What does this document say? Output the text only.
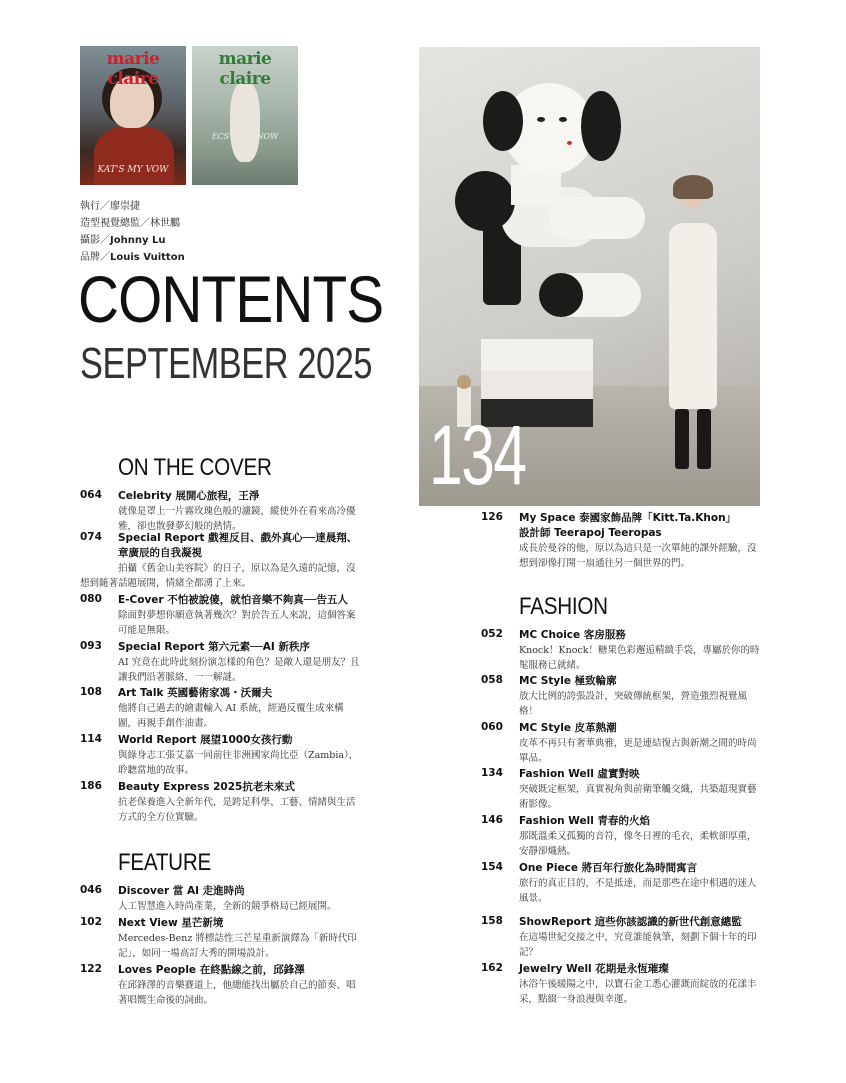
marie claire
KAT'S MY VOW
marie claire
ECSTATIC NOW
執行／廖崇捷
造型視覺總監／林世鵬
攝影／Johnny Lu
品牌／Louis Vuitton
CONTENTS
SEPTEMBER 2025
ON THE COVER
064 Celebrity 展開心旅程，王淨
就像是罩上一片霧玫瑰色般的濾鏡，縱使外在看來高冷優雅，卻也散發夢幻般的熱情。
074 Special Report 戲裡反目、戲外真心──達晨翔、章廣辰的自我凝視
拍攝《舊金山美容院》的日子，原以為是久遠的記憶，沒想到隨著話題展開，情緒全都湧了上來。
080 E-Cover 不怕被說傻，就怕音樂不夠真──告五人
除面對夢想你願意執著幾次？對於告五人來說，這個答案可能是無限。
093 Special Report 第六元素──AI 新秩序
AI 究竟在此時此刻扮演怎樣的角色？是敵人還是朋友？且讓我們沿著脈絡，一一解謎。
108 Art Talk 英國藝術家馮・沃爾夫
他將自己過去的繪畫輸入 AI 系統，經過反覆生成來構圖，再親手創作油畫。
114 World Report 展望1000女孩行動
與綠身志工張艾嘉一同前往非洲國家尚比亞（Zambia），聆聽當地的故事。
186 Beauty Express 2025抗老未來式
抗老保養進入全新年代，是跨足科學、工藝、情緒與生活方式的全方位實驗。
FEATURE
046 Discover 當 AI 走進時尚
人工智慧進入時尚產業，全新的競爭格局已經展開。
102 Next View 星芒新境
Mercedes-Benz 將標誌性三芒星重新演繹為「新時代印記」，如同一場高訂大秀的開場設計。
122 Loves People 在終點線之前，邱鋒澤
在邱鋒澤的音樂賽道上，他總能找出屬於自己的節奏、唱著唱嚮生命後的詞曲。
134
126 My Space 泰國家飾品牌「Kitt.Ta.Khon」設計師 Teerapoj Teeropas
成長於曼谷的他，原以為這只是一次單純的課外經驗，沒想到卻像打開一扇通往另一個世界的門。
FASHION
052 MC Choice 客房服務
Knock！Knock！糖果色彩邂逅精緻手袋，專屬於你的時髦服務已就緒。
058 MC Style 極致輪廓
放大比例的誇張設計，突破傳統框架，營造強烈視覺風格！
060 MC Style 皮革熱潮
皮革不再只有奢華典雅，更是連結復古與新潮之間的時尚單品。
134 Fashion Well 虛實對映
突破既定框架，真實視角與前衛筆觸交織，共築超現實藝術影像。
146 Fashion Well 青春的火焰
那既溫柔又孤獨的音符，像冬日裡的毛衣，柔軟卻厚重，安靜卻熾熱。
154 One Piece 將百年行旅化為時間寓言
旅行的真正目的，不是抵達，而是那些在途中相遇的迷人風景。
158 ShowReport 這些你該認識的新世代創意總監
在這場世紀交接之中，究竟誰能執筆，刻劃下個十年的印記？
162 Jewelry Well 花期是永恆璀璨
沐浴午後暖陽之中，以寶石金工悉心灌溉而綻放的花漾丰采，點綴一身浪漫與幸運。
